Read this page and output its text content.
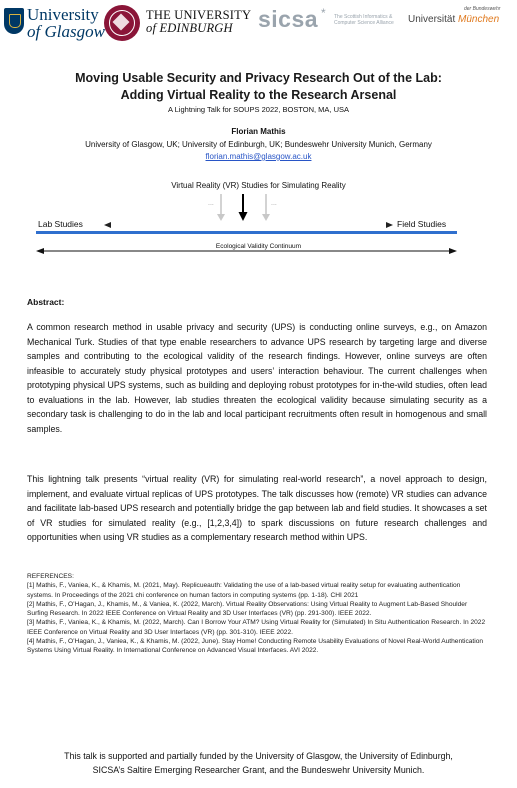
University
of Glasgow
THE UNIVERSITY
of EDINBURGH	sicsa * The Scottish Informatics & Computer Science Alliance
der Bundeswehr
Universität München
Moving Usable Security and Privacy Research Out of the Lab:
Adding Virtual Reality to the Research Arsenal
A Lightning Talk for SOUPS 2022, BOSTON, MA, USA
Florian Mathis
University of Glasgow, UK; University of Edinburgh, UK; Bundeswehr University Munich, Germany
florian.mathis@glasgow.ac.uk
Virtual Reality (VR) Studies for Simulating Reality
...	...
Lab Studies	Field Studies
Ecological Validity Continuum
Abstract:
A common research method in usable privacy and security (UPS) is conducting online surveys, e.g., on Amazon Mechanical Turk. Studies of that type enable researchers to advance UPS research by targeting large and diverse samples and contributing to the ecological validity of the research findings. However, online surveys are often infeasible to accurately study physical prototypes and users’ interaction behaviour. The current challenges when prototyping physical UPS systems, such as building and deploying robust prototypes for in-the-wild studies, often lead to evaluations in the lab. However, lab studies threaten the ecological validity because simulating security as a secondary task is challenging to do in the lab and local participant recruitments often result in homogenous and small samples.
This lightning talk presents “virtual reality (VR) for simulating real-world research”, a novel approach to design, implement, and evaluate virtual replicas of UPS prototypes. The talk discusses how (remote) VR studies can advance and facilitate lab-based UPS research and potentially bridge the gap between lab and field studies. It showcases a set of VR studies for simulated reality (e.g., [1,2,3,4]) to spark discussions on future research challenges and opportunities when using VR studies as a complementary research method within UPS.
REFERENCES:
[1] Mathis, F., Vaniea, K., & Khamis, M. (2021, May). Replicueauth: Validating the use of a lab-based virtual reality setup for evaluating authentication systems. In Proceedings of the 2021 chi conference on human factors in computing systems (pp. 1-18). CHI 2021
[2] Mathis, F., O’Hagan, J., Khamis, M., & Vaniea, K. (2022, March). Virtual Reality Observations: Using Virtual Reality to Augment Lab-Based Shoulder Surfing Research. In 2022 IEEE Conference on Virtual Reality and 3D User Interfaces (VR) (pp. 291-300). IEEE 2022.
[3] Mathis, F., Vaniea, K., & Khamis, M. (2022, March). Can I Borrow Your ATM? Using Virtual Reality for (Simulated) In Situ Authentication Research. In 2022 IEEE Conference on Virtual Reality and 3D User Interfaces (VR) (pp. 301-310). IEEE 2022.
[4] Mathis, F., O’Hagan, J., Vaniea, K., & Khamis, M. (2022, June). Stay Home! Conducting Remote Usability Evaluations of Novel Real-World Authentication Systems Using Virtual Reality. In International Conference on Advanced Visual Interfaces. AVI 2022.
This talk is supported and partially funded by the University of Glasgow, the University of Edinburgh,
SICSA’s Saltire Emerging Researcher Grant, and the Bundeswehr University Munich.
